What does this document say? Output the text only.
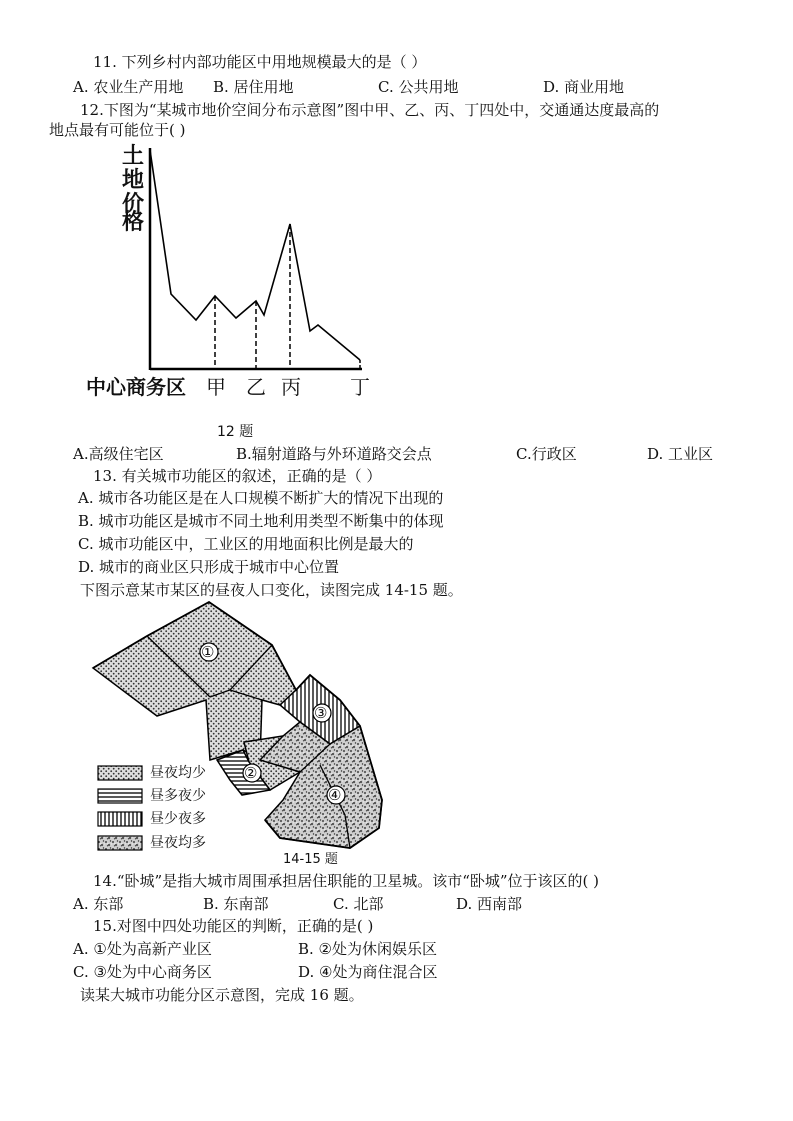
11. 下列乡村内部功能区中用地规模最大的是（ ）
A. 农业生产用地 B. 居住用地	C. 公共用地	D. 商业用地
12.下图为“某城市地价空间分布示意图”图中甲、乙、丙、丁四处中，交通通达度最高的
地点最有可能位于( )
土
地
价
格
中心商务区 甲 乙 丙 丁
12 题
A.高级住宅区	B.辐射道路与外环道路交会点	C.行政区	D. 工业区
13. 有关城市功能区的叙述，正确的是（ ）
A. 城市各功能区是在人口规模不断扩大的情况下出现的
B. 城市功能区是城市不同土地利用类型不断集中的体现
C. 城市功能区中，工业区的用地面积比例是最大的
D. 城市的商业区只形成于城市中心位置
下图示意某市某区的昼夜人口变化，读图完成 14-15 题。
①
②
③
④
昼夜均少
昼多夜少
昼少夜多
昼夜均多
14-15 题
14.“卧城”是指大城市周围承担居住职能的卫星城。该市“卧城”位于该区的( )
A. 东部	B. 东南部	C. 北部	D. 西南部
15.对图中四处功能区的判断，正确的是( )
A. ①处为高新产业区	B. ②处为休闲娱乐区
C. ③处为中心商务区	D. ④处为商住混合区
读某大城市功能分区示意图，完成 16 题。
